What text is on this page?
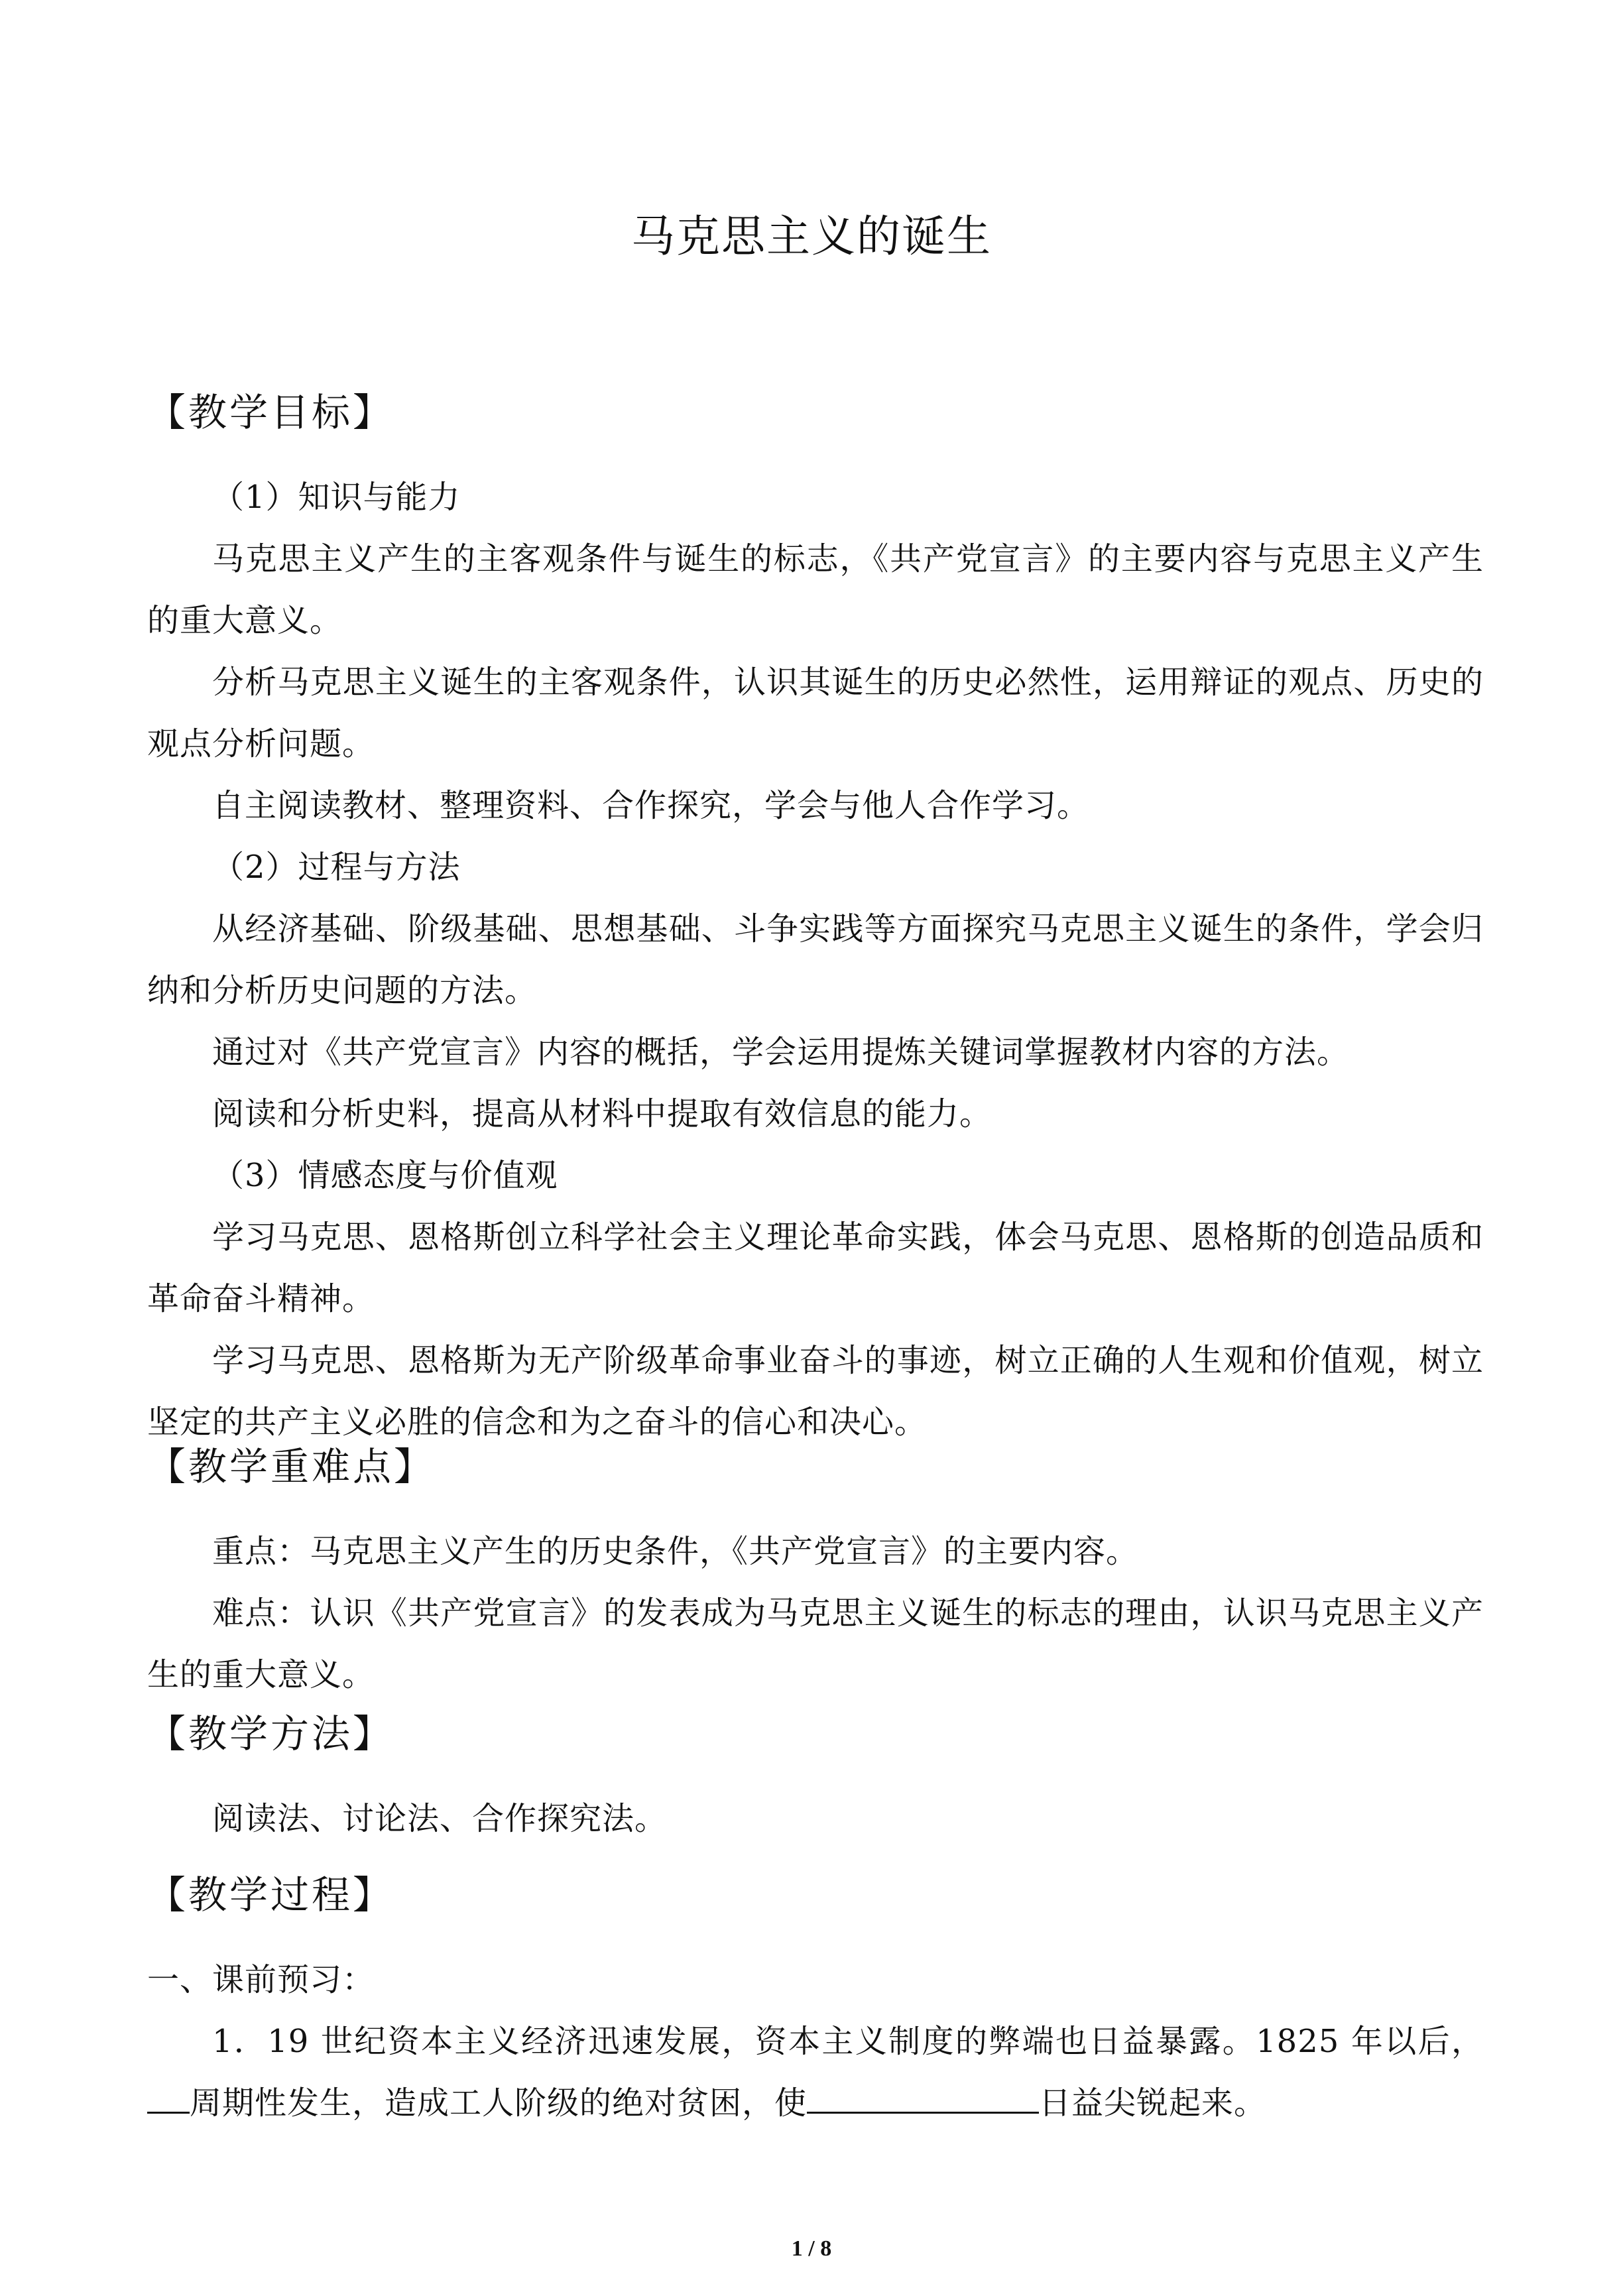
马克思主义的诞生
【教学目标】
（1）知识与能力
马克思主义产生的主客观条件与诞生的标志，《共产党宣言》的主要内容与克思主义产生的重大意义。
分析马克思主义诞生的主客观条件，认识其诞生的历史必然性，运用辩证的观点、历史的观点分析问题。
自主阅读教材、整理资料、合作探究，学会与他人合作学习。
（2）过程与方法
从经济基础、阶级基础、思想基础、斗争实践等方面探究马克思主义诞生的条件，学会归纳和分析历史问题的方法。
通过对《共产党宣言》内容的概括，学会运用提炼关键词掌握教材内容的方法。
阅读和分析史料，提高从材料中提取有效信息的能力。
（3）情感态度与价值观
学习马克思、恩格斯创立科学社会主义理论革命实践，体会马克思、恩格斯的创造品质和革命奋斗精神。
学习马克思、恩格斯为无产阶级革命事业奋斗的事迹，树立正确的人生观和价值观，树立坚定的共产主义必胜的信念和为之奋斗的信心和决心。
【教学重难点】
重点：马克思主义产生的历史条件，《共产党宣言》的主要内容。
难点：认识《共产党宣言》的发表成为马克思主义诞生的标志的理由，认识马克思主义产生的重大意义。
【教学方法】
阅读法、讨论法、合作探究法。
【教学过程】
一、课前预习：
1．19 世纪资本主义经济迅速发展，资本主义制度的弊端也日益暴露。1825 年以后，周期性发生，造成工人阶级的绝对贫困，使	日益尖锐起来。
1 / 8
